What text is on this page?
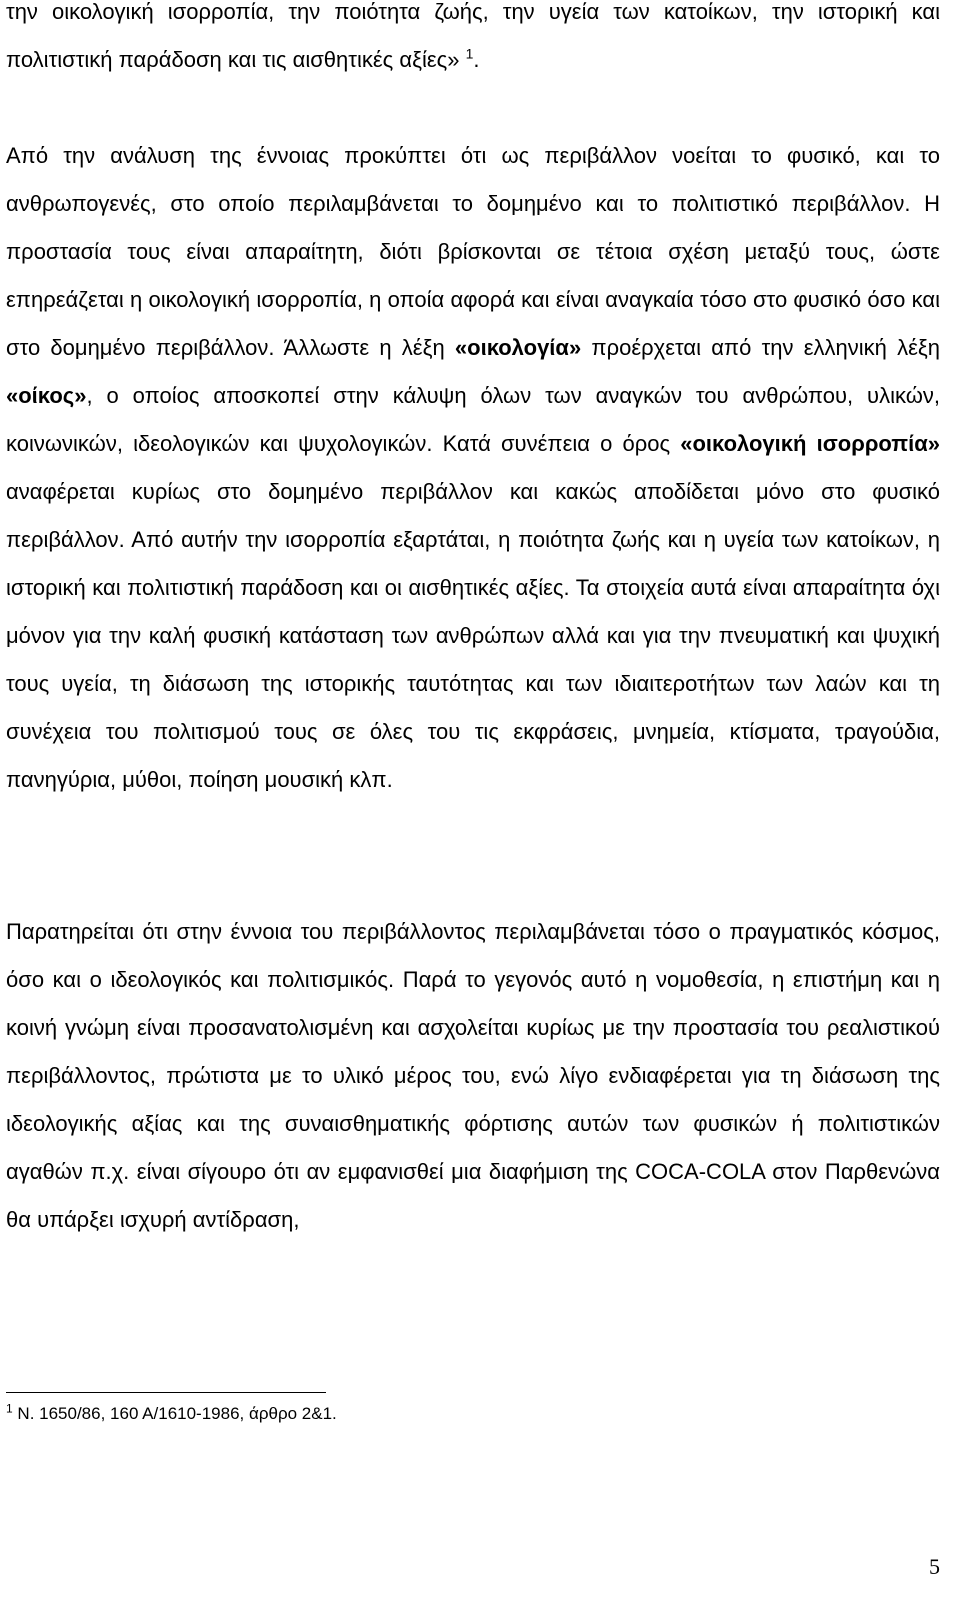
την οικολογική ισορροπία, την ποιότητα ζωής, την υγεία των κατοίκων, την ιστορική και πολιτιστική παράδοση και τις αισθητικές αξίες» $^1$.

Από την ανάλυση της έννοιας προκύπτει ότι ως περιβάλλον νοείται το φυσικό, και το ανθρωπογενές, στο οποίο περιλαμβάνεται το δομημένο και το πολιτιστικό περιβάλλον. Η προστασία τους είναι απαραίτητη, διότι βρίσκονται σε τέτοια σχέση μεταξύ τους, ώστε επηρεάζεται η οικολογική ισορροπία, η οποία αφορά και είναι αναγκαία τόσο στο φυσικό όσο και στο δομημένο περιβάλλον. Άλλωστε η λέξη «οικολογία» προέρχεται από την ελληνική λέξη «οίκος», ο οποίος αποσκοπεί στην κάλυψη όλων των αναγκών του ανθρώπου, υλικών, κοινωνικών, ιδεολογικών και ψυχολογικών. Κατά συνέπεια ο όρος «οικολογική ισορροπία» αναφέρεται κυρίως στο δομημένο περιβάλλον και κακώς αποδίδεται μόνο στο φυσικό περιβάλλον. Από αυτήν την ισορροπία εξαρτάται, η ποιότητα ζωής και η υγεία των κατοίκων, η ιστορική και πολιτιστική παράδοση και οι αισθητικές αξίες. Τα στοιχεία αυτά είναι απαραίτητα όχι μόνον για την καλή φυσική κατάσταση των ανθρώπων αλλά και για την πνευματική και ψυχική τους υγεία, τη διάσωση της ιστορικής ταυτότητας και των ιδιαιτεροτήτων των λαών και τη συνέχεια του πολιτισμού τους σε όλες του τις εκφράσεις, μνημεία, κτίσματα, τραγούδια, πανηγύρια, μύθοι, ποίηση μουσική κλπ.

Παρατηρείται ότι στην έννοια του περιβάλλοντος περιλαμβάνεται τόσο ο πραγματικός κόσμος, όσο και ο ιδεολογικός και πολιτισμικός. Παρά το γεγονός αυτό η νομοθεσία, η επιστήμη και η κοινή γνώμη είναι προσανατολισμένη και ασχολείται κυρίως με την προστασία του ρεαλιστικού περιβάλλοντος, πρώτιστα με το υλικό μέρος του, ενώ λίγο ενδιαφέρεται για τη διάσωση της ιδεολογικής αξίας και της συναισθηματικής φόρτισης αυτών των φυσικών ή πολιτιστικών αγαθών π.χ. είναι σίγουρο ότι αν εμφανισθεί μια διαφήμιση της COCA-COLA στον Παρθενώνα θα υπάρξει ισχυρή αντίδραση,

$^1$ Ν. 1650/86, 160 Α/1610-1986, άρθρο 2&1.
5
